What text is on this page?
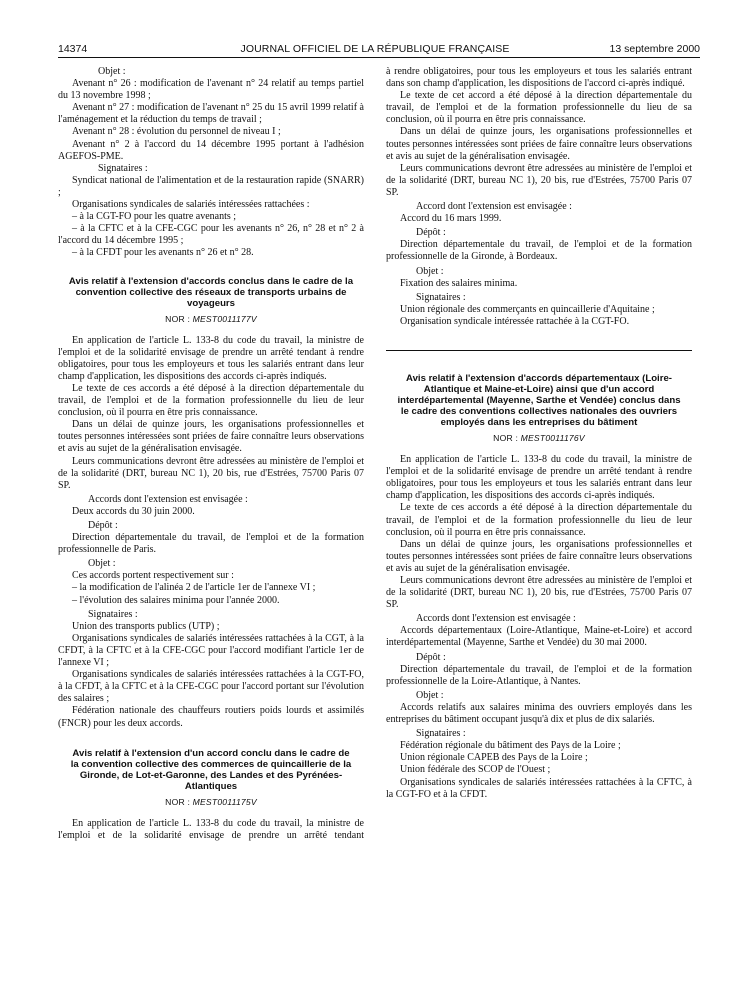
14374	JOURNAL OFFICIEL DE LA RÉPUBLIQUE FRANÇAISE	13 septembre 2000

Objet :

Avenant n° 26 : modification de l'avenant n° 24 relatif au temps partiel du 13 novembre 1998 ;

Avenant n° 27 : modification de l'avenant n° 25 du 15 avril 1999 relatif à l'aménagement et la réduction du temps de travail ;

Avenant n° 28 : évolution du personnel de niveau I ;

Avenant n° 2 à l'accord du 14 décembre 1995 portant à l'adhésion AGEFOS-PME.

Signataires :

Syndicat national de l'alimentation et de la restauration rapide (SNARR) ;

Organisations syndicales de salariés intéressées rattachées :

– à la CGT-FO pour les quatre avenants ;

– à la CFTC et à la CFE-CGC pour les avenants n° 26, n° 28 et n° 2 à l'accord du 14 décembre 1995 ;

– à la CFDT pour les avenants n° 26 et n° 28.

Avis relatif à l'extension d'accords conclus dans le cadre de la convention collective des réseaux de transports urbains de voyageurs
NOR : MEST0011177V

En application de l'article L. 133-8 du code du travail, la ministre de l'emploi et de la solidarité envisage de prendre un arrêté tendant à rendre obligatoires, pour tous les employeurs et tous les salariés entrant dans leur champ d'application, les dispositions des accords ci-après indiqués.

Le texte de ces accords a été déposé à la direction départementale du travail, de l'emploi et de la formation professionnelle du lieu de leur conclusion, où il pourra en être pris connaissance.

Dans un délai de quinze jours, les organisations professionnelles et toutes personnes intéressées sont priées de faire connaître leurs observations et avis au sujet de la généralisation envisagée.

Leurs communications devront être adressées au ministère de l'emploi et de la solidarité (DRT, bureau NC 1), 20 bis, rue d'Estrées, 75700 Paris 07 SP.

Accords dont l'extension est envisagée :

Deux accords du 30 juin 2000.

Dépôt :

Direction départementale du travail, de l'emploi et de la formation professionnelle de Paris.

Objet :

Ces accords portent respectivement sur :

– la modification de l'alinéa 2 de l'article 1er de l'annexe VI ;

– l'évolution des salaires minima pour l'année 2000.

Signataires :

Union des transports publics (UTP) ;

Organisations syndicales de salariés intéressées rattachées à la CGT, à la CFDT, à la CFTC et à la CFE-CGC pour l'accord modifiant l'article 1er de l'annexe VI ;

Organisations syndicales de salariés intéressées rattachées à la CGT-FO, à la CFDT, à la CFTC et à la CFE-CGC pour l'accord portant sur l'évolution des salaires ;

Fédération nationale des chauffeurs routiers poids lourds et assimilés (FNCR) pour les deux accords.

Avis relatif à l'extension d'un accord conclu dans le cadre de la convention collective des commerces de quincaillerie de la Gironde, de Lot-et-Garonne, des Landes et des Pyrénées-Atlantiques
NOR : MEST0011175V

En application de l'article L. 133-8 du code du travail, la ministre de l'emploi et de la solidarité envisage de prendre un arrêté tendant

à rendre obligatoires, pour tous les employeurs et tous les salariés entrant dans son champ d'application, les dispositions de l'accord ci-après indiqué.

Le texte de cet accord a été déposé à la direction départementale du travail, de l'emploi et de la formation professionnelle du lieu de sa conclusion, où il pourra en être pris connaissance.

Dans un délai de quinze jours, les organisations professionnelles et toutes personnes intéressées sont priées de faire connaître leurs observations et avis au sujet de la généralisation envisagée.

Leurs communications devront être adressées au ministère de l'emploi et de la solidarité (DRT, bureau NC 1), 20 bis, rue d'Estrées, 75700 Paris 07 SP.

Accord dont l'extension est envisagée :

Accord du 16 mars 1999.

Dépôt :

Direction départementale du travail, de l'emploi et de la formation professionnelle de la Gironde, à Bordeaux.

Objet :

Fixation des salaires minima.

Signataires :

Union régionale des commerçants en quincaillerie d'Aquitaine ;

Organisation syndicale intéressée rattachée à la CGT-FO.

Avis relatif à l'extension d'accords départementaux (Loire-Atlantique et Maine-et-Loire) ainsi que d'un accord interdépartemental (Mayenne, Sarthe et Vendée) conclus dans le cadre des conventions collectives nationales des ouvriers employés dans les entreprises du bâtiment
NOR : MEST0011176V

En application de l'article L. 133-8 du code du travail, la ministre de l'emploi et de la solidarité envisage de prendre un arrêté tendant à rendre obligatoires, pour tous les employeurs et tous les salariés entrant dans leur champ d'application, les dispositions des accords ci-après indiqués.

Le texte de ces accords a été déposé à la direction départementale du travail, de l'emploi et de la formation professionnelle du lieu de leur conclusion, où il pourra en être pris connaissance.

Dans un délai de quinze jours, les organisations professionnelles et toutes personnes intéressées sont priées de faire connaître leurs observations et avis au sujet de la généralisation envisagée.

Leurs communications devront être adressées au ministère de l'emploi et de la solidarité (DRT, bureau NC 1), 20 bis, rue d'Estrées, 75700 Paris 07 SP.

Accords dont l'extension est envisagée :

Accords départementaux (Loire-Atlantique, Maine-et-Loire) et accord interdépartemental (Mayenne, Sarthe et Vendée) du 30 mai 2000.

Dépôt :

Direction départementale du travail, de l'emploi et de la formation professionnelle de la Loire-Atlantique, à Nantes.

Objet :

Accords relatifs aux salaires minima des ouvriers employés dans les entreprises du bâtiment occupant jusqu'à dix et plus de dix salariés.

Signataires :

Fédération régionale du bâtiment des Pays de la Loire ;

Union régionale CAPEB des Pays de la Loire ;

Union fédérale des SCOP de l'Ouest ;

Organisations syndicales de salariés intéressées rattachées à la CFTC, à la CGT-FO et à la CFDT.
